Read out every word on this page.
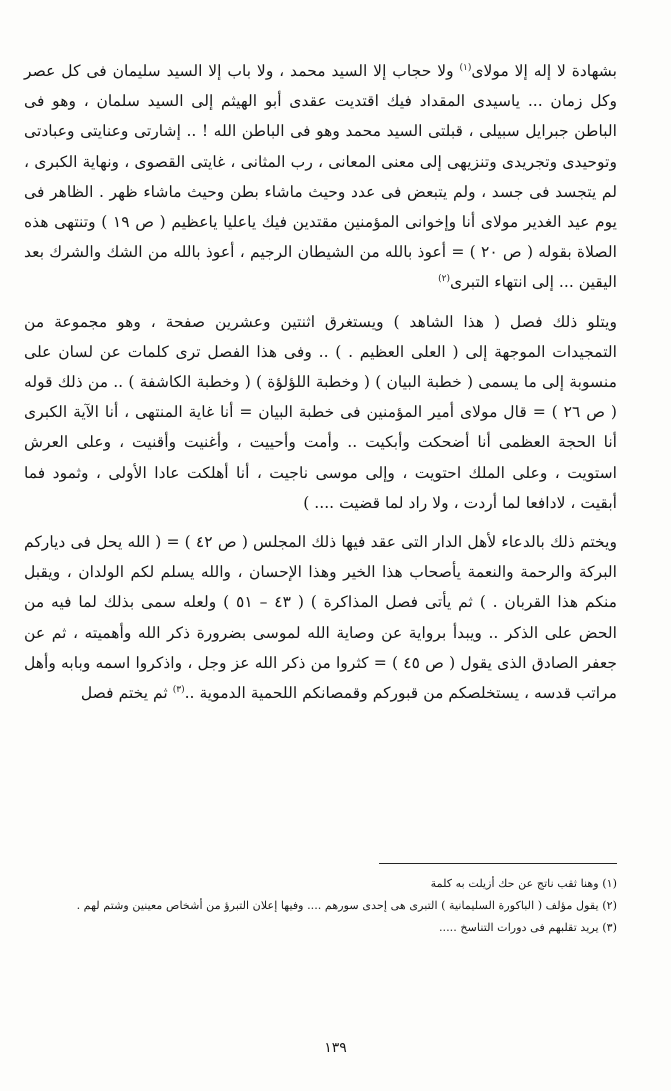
بشهادة لا إله إلا مولاى$^{(١)}$ ولا حجاب إلا السيد محمد ، ولا باب إلا السيد سليمان فى كل عصر وكل زمان ... ياسيدى المقداد فيك اقتديت عقدى أبو الهيثم إلى السيد سلمان ، وهو فى الباطن جبرايل سبيلى ، قبلتى السيد محمد وهو فى الباطن الله ! .. إشارتى وعنايتى وعبادتى وتوحيدى وتجريدى وتنزيهى إلى معنى المعانى ، رب المثانى ، غايتى القصوى ، ونهاية الكبرى ، لم يتجسد فى جسد ، ولم يتبعض فى عدد وحيث ماشاء بطن وحيث ماشاء ظهر . الظاهر فى يوم عيد الغدير مولاى أنا وإخوانى المؤمنين مقتدين فيك ياعليا ياعظيم ( ص ١٩ ) وتنتهى هذه الصلاة بقوله ( ص ٢٠ ) = أعوذ بالله من الشيطان الرجيم ، أعوذ بالله من الشك والشرك بعد اليقين ... إلى انتهاء التبرى$^{(٢)}$

ويتلو ذلك فصل ( هذا الشاهد ) ويستغرق اثنتين وعشرين صفحة ، وهو مجموعة من التمجيدات الموجهة إلى ( العلى العظيم . ) .. وفى هذا الفصل ترى كلمات عن لسان على منسوبة إلى ما يسمى ( خطبة البيان ) ( وخطبة اللؤلؤة ) ( وخطبة الكاشفة ) .. من ذلك قوله ( ص ٢٦ ) = قال مولاى أمير المؤمنين فى خطبة البيان = أنا غاية المنتهى ، أنا الآية الكبرى أنا الحجة العظمى أنا أضحكت وأبكيت .. وأمت وأحييت ، وأغنيت وأقنيت ، وعلى العرش استويت ، وعلى الملك احتويت ، وإلى موسى ناجيت ، أنا أهلكت عادا الأولى ، وثمود فما أبقيت ، لادافعا لما أردت ، ولا راد لما قضيت .... )

ويختم ذلك بالدعاء لأهل الدار التى عقد فيها ذلك المجلس ( ص ٤٢ ) = ( الله يحل فى دياركم البركة والرحمة والنعمة يأصحاب هذا الخير وهذا الإحسان ، والله يسلم لكم الولدان ، ويقبل منكم هذا القربان . ) ثم يأتى فصل المذاكرة ) ( ٤٣ – ٥١ ) ولعله سمى بذلك لما فيه من الحض على الذكر .. ويبدأ برواية عن وصاية الله لموسى بضرورة ذكر الله وأهميته ، ثم عن جعفر الصادق الذى يقول ( ص ٤٥ ) = كثروا من ذكر الله عز وجل ، واذكروا اسمه وبابه وأهل مراتب قدسه ، يستخلصكم من قبوركم وقمصانكم اللحمية الدموية ..$^{(٣)}$ ثم يختم فصل

(١) وهنا ثقب ناتج عن حك أزيلت به كلمة

(٢) يقول مؤلف ( الباكورة السليمانية ) التبرى هى إحدى سورهم .... وفيها إعلان التبرؤ من أشخاص معينين وشتم لهم .

(٣) يريد تقلبهم فى دورات التناسخ .....

١٣٩
